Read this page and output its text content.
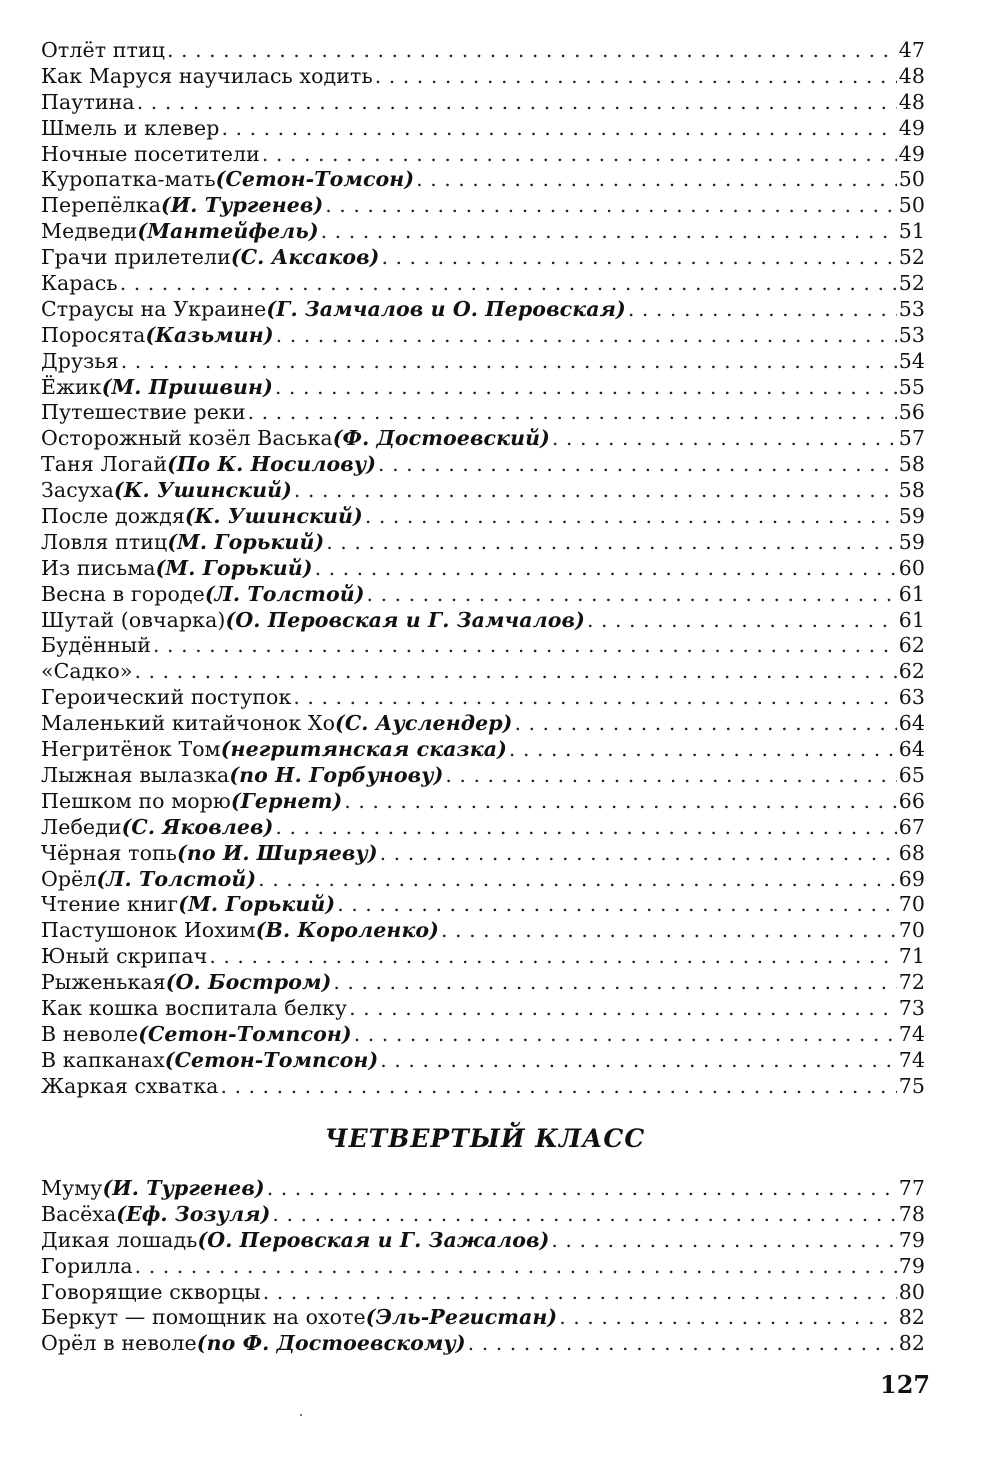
Отлёт птиц . . .	47
Как Маруся научилась ходить . . .	48
Паутина . . .	48
Шмель и клевер . . .	49
Ночные посетители . . .	49
Куропатка-мать (Сетон-Томсон) . . .	50
Перепёлка (И. Тургенев) . . .	50
Медведи (Мантейфель) . . .	51
Грачи прилетели (С. Аксаков) . . .	52
Карась . . .	52
Страусы на Украине (Г. Замчалов и О. Перовская) . . .	53
Поросята (Казьмин) . . .	53
Друзья . . .	54
Ёжик (М. Пришвин) . . .	55
Путешествие реки . . .	56
Осторожный козёл Васька (Ф. Достоевский) . . .	57
Таня Логай (По К. Носилову) . . .	58
Засуха (К. Ушинский) . . .	58
После дождя (К. Ушинский) . . .	59
Ловля птиц (М. Горький) . . .	59
Из письма (М. Горький) . . .	60
Весна в городе (Л. Толстой) . . .	61
Шутай (овчарка) (О. Перовская и Г. Замчалов) . . .	61
Будённый . . .	62
«Садко» . . .	62
Героический поступок . . .	63
Маленький китайчонок Хо (С. Ауслендер) . . .	64
Негритёнок Том (негритянская сказка) . . .	64
Лыжная вылазка (по Н. Горбунову) . . .	65
Пешком по морю (Гернет) . . .	66
Лебеди (С. Яковлев) . . .	67
Чёрная топь (по И. Ширяеву) . . .	68
Орёл (Л. Толстой) . . .	69
Чтение книг (М. Горький) . . .	70
Пастушонок Иохим (В. Короленко) . . .	70
Юный скрипач . . .	71
Рыженькая (О. Бостром) . . .	72
Как кошка воспитала белку . . .	73
В неволе (Сетон-Томпсон) . . .	74
В капканах (Сетон-Томпсон) . . .	74
Жаркая схватка . . .	75
ЧЕТВЕРТЫЙ КЛАСС
Муму (И. Тургенев) . . .	77
Васёха (Еф. Зозуля) . . .	78
Дикая лошадь (О. Перовская и Г. Зажалов) . . .	79
Горилла . . .	79
Говорящие скворцы . . .	80
Беркут — помощник на охоте (Эль-Регистан) . . .	82
Орёл в неволе (по Ф. Достоевскому) . . .	82
127
